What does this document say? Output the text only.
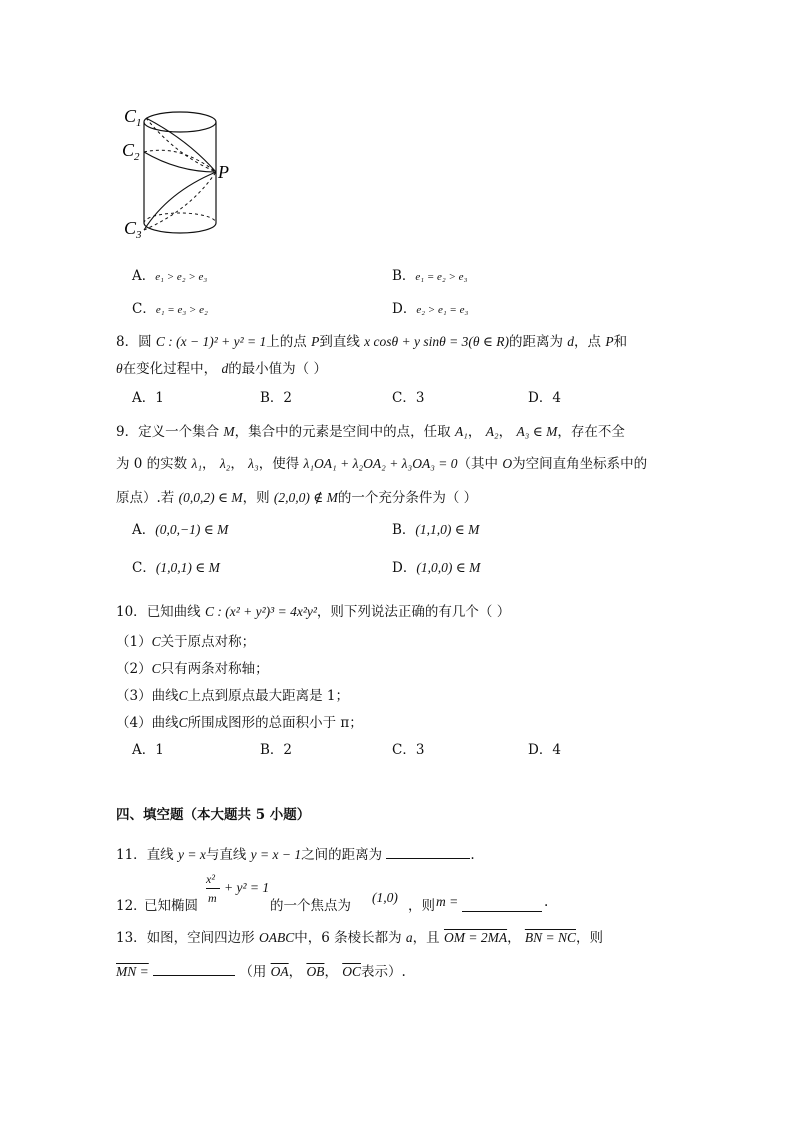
$C_1$
$C_2$
$C_3$
P
A．e₁ > e₂ > e₃	B．e₁ = e₂ > e₃
C．e₁ = e₃ > e₂	D．e₂ > e₁ = e₃
8．圆 C : (x − 1)² + y² = 1上的点 P到直线 x cosθ + y sinθ = 3(θ ∈ R)的距离为 d，点 P和
θ在变化过程中， d的最小值为（ ）
A．1	B．2	C．3	D．4
9．定义一个集合 M，集合中的元素是空间中的点，任取 A₁， A₂， A₃ ∈ M，存在不全
为 0 的实数 λ₁， λ₂， λ₃，使得 λ₁OA₁ + λ₂OA₂ + λ₃OA₃ = 0（其中 O为空间直角坐标系中的
原点）.若 (0,0,2) ∈ M，则 (2,0,0) ∉ M的一个充分条件为（ ）
A．(0,0,−1) ∈ M	B．(1,1,0) ∈ M
C．(1,0,1) ∈ M	D．(1,0,0) ∈ M
10．已知曲线 C : (x² + y²)³ = 4x²y²，则下列说法正确的有几个（ ）
（1）C关于原点对称；
（2）C只有两条对称轴；
（3）曲线C上点到原点最大距离是 1；
（4）曲线C所围成图形的总面积小于 π；
A．1	B．2	C．3	D．4
四、填空题（本大题共 5 小题）
11．直线 y = x与直线 y = x − 1之间的距离为	.
12．
已知椭圆
x²
m
+ y² = 1
的一个焦点为
(1,0)
，则 m =	.
13．如图，空间四边形 OABC中，6 条棱长都为 a，且 OM = 2MA， BN = NC，则
MN =	（用 $\overline{OA}$， $\overline{OB}$， $\overline{OC}$表示）.
